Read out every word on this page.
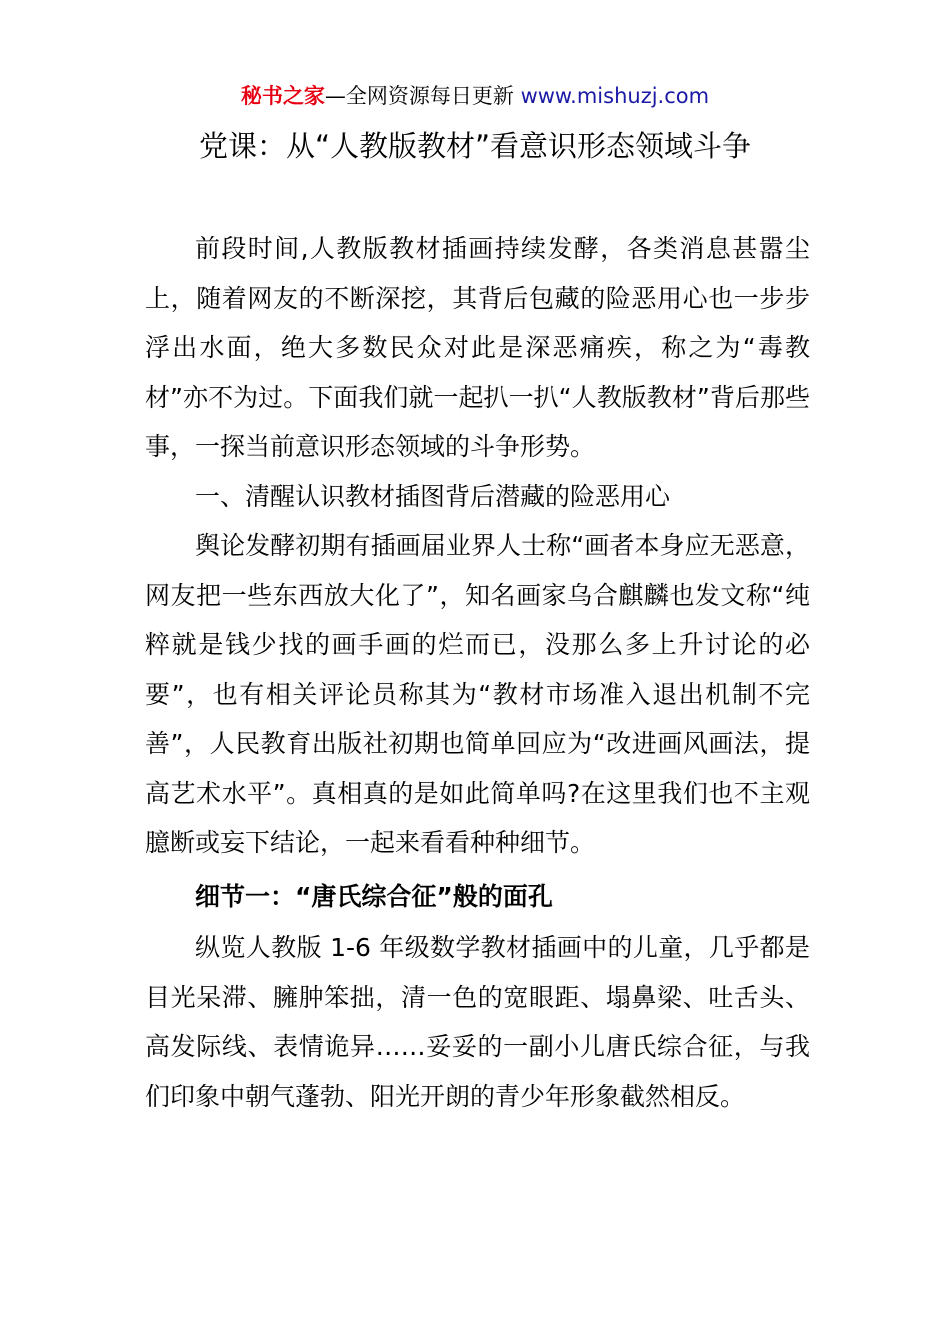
秘书之家—全网资源每日更新 www.mishuzj.com
党课：从“人教版教材”看意识形态领域斗争

前段时间,人教版教材插画持续发酵，各类消息甚嚣尘上，随着网友的不断深挖，其背后包藏的险恶用心也一步步浮出水面，绝大多数民众对此是深恶痛疾，称之为“毒教材”亦不为过。下面我们就一起扒一扒“人教版教材”背后那些事，一探当前意识形态领域的斗争形势。

一、清醒认识教材插图背后潜藏的险恶用心

舆论发酵初期有插画届业界人士称“画者本身应无恶意，网友把一些东西放大化了”，知名画家乌合麒麟也发文称“纯粹就是钱少找的画手画的烂而已，没那么多上升讨论的必要”，也有相关评论员称其为“教材市场准入退出机制不完善”，人民教育出版社初期也简单回应为“改进画风画法，提高艺术水平”。真相真的是如此简单吗?在这里我们也不主观臆断或妄下结论，一起来看看种种细节。

细节一：“唐氏综合征”般的面孔

纵览人教版 1-6 年级数学教材插画中的儿童，几乎都是目光呆滞、臃肿笨拙，清一色的宽眼距、塌鼻梁、吐舌头、高发际线、表情诡异……妥妥的一副小儿唐氏综合征，与我们印象中朝气蓬勃、阳光开朗的青少年形象截然相反。
